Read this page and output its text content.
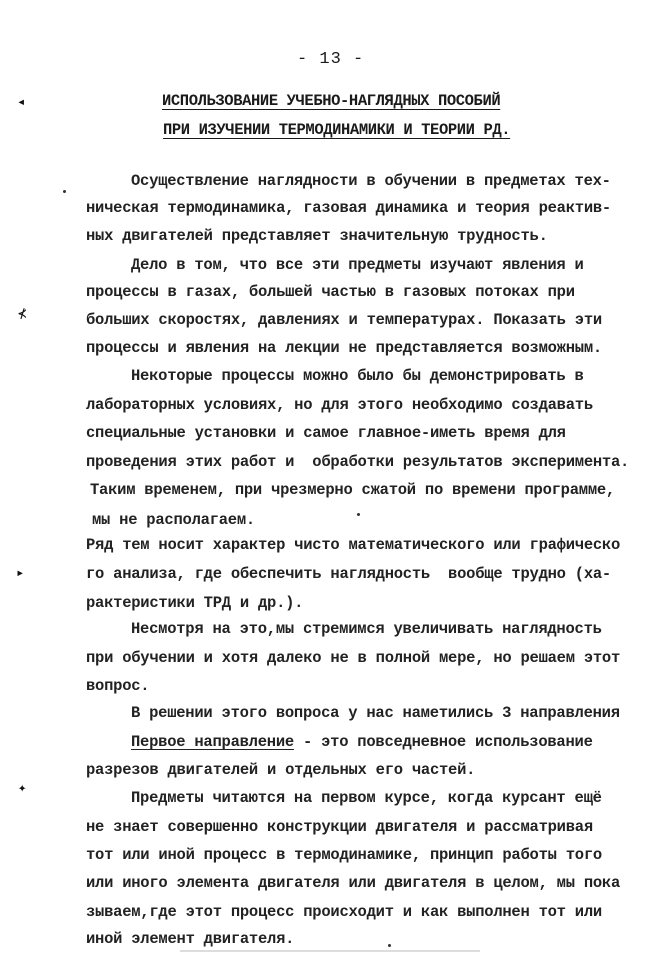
- 13 -
ИСПОЛЬЗОВАНИЕ УЧЕБНО-НАГЛЯДНЫХ ПОСОБИЙ
ПРИ ИЗУЧЕНИИ ТЕРМОДИНАМИКИ И ТЕОРИИ РД.
◂
⊀
▸
✦
Осуществление наглядности в обучении в предметах тех-
ническая термодинамика, газовая динамика и теория реактив-
ных двигателей представляет значительную трудность.
Дело в том, что все эти предметы изучают явления и
процессы в газах, большей частью в газовых потоках при
больших скоростях, давлениях и температурах. Показать эти
процессы и явления на лекции не представляется возможным.
Некоторые процессы можно было бы демонстрировать в
лабораторных условиях, но для этого необходимо создавать
специальные установки и самое главное-иметь время для
проведения этих работ и  обработки результатов эксперимента.
Таким временем, при чрезмерно сжатой по времени программе,
мы не располагаем.
Ряд тем носит характер чисто математического или графическо
го анализа, где обеспечить наглядность  вообще трудно (ха-
рактеристики ТРД и др.).
Несмотря на это,мы стремимся увеличивать наглядность
при обучении и хотя далеко не в полной мере, но решаем этот
вопрос.
В решении этого вопроса у нас наметились 3 направления
Первое направление - это повседневное использование
разрезов двигателей и отдельных его частей.
Предметы читаются на первом курсе, когда курсант ещё
не знает совершенно конструкции двигателя и рассматривая
тот или иной процесс в термодинамике, принцип работы того
или иного элемента двигателя или двигателя в целом, мы пока
зываем,где этот процесс происходит и как выполнен тот или
иной элемент двигателя.
